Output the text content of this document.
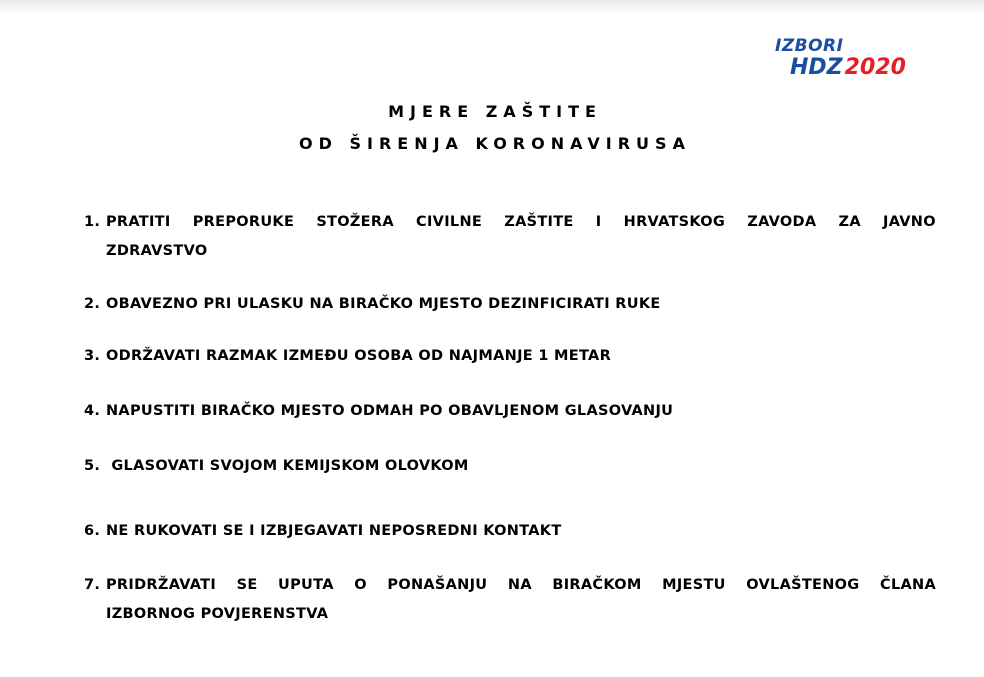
IZBORI
HDZ2020
MJERE ZAŠTITE
OD ŠIRENJA KORONAVIRUSA
1. PRATITI PREPORUKE STOŽERA CIVILNE ZAŠTITE I HRVATSKOG ZAVODA ZA JAVNO
ZDRAVSTVO
2. OBAVEZNO PRI ULASKU NA BIRAČKO MJESTO DEZINFICIRATI RUKE
3. ODRŽAVATI RAZMAK IZMEĐU OSOBA OD NAJMANJE 1 METAR
4. NAPUSTITI BIRAČKO MJESTO ODMAH PO OBAVLJENOM GLASOVANJU
5. GLASOVATI SVOJOM KEMIJSKOM OLOVKOM
6. NE RUKOVATI SE I IZBJEGAVATI NEPOSREDNI KONTAKT
7. PRIDRŽAVATI SE UPUTA O PONAŠANJU NA BIRAČKOM MJESTU OVLAŠTENOG ČLANA
IZBORNOG POVJERENSTVA
